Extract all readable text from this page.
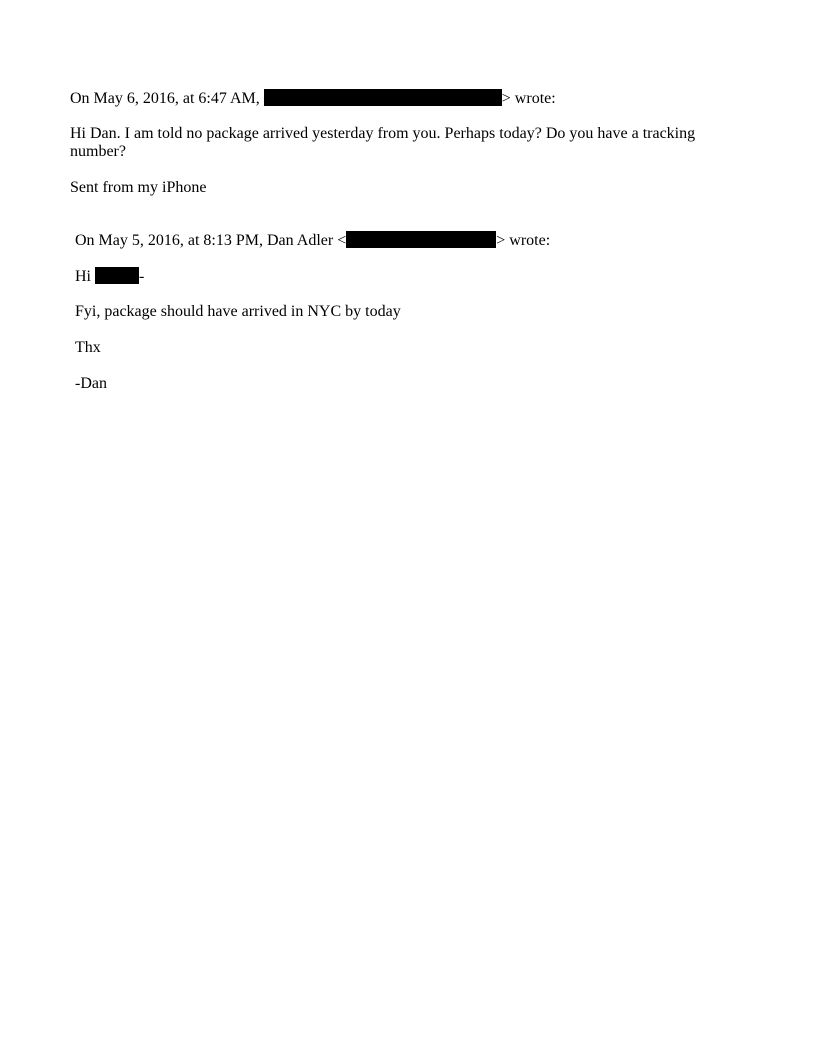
On May 6, 2016, at 6:47 AM,	> wrote:
Hi Dan. I am told no package arrived yesterday from you. Perhaps today? Do you have a tracking number?
Sent from my iPhone
On May 5, 2016, at 8:13 PM, Dan Adler <	> wrote:
Hi	-
Fyi, package should have arrived in NYC by today
Thx
-Dan
